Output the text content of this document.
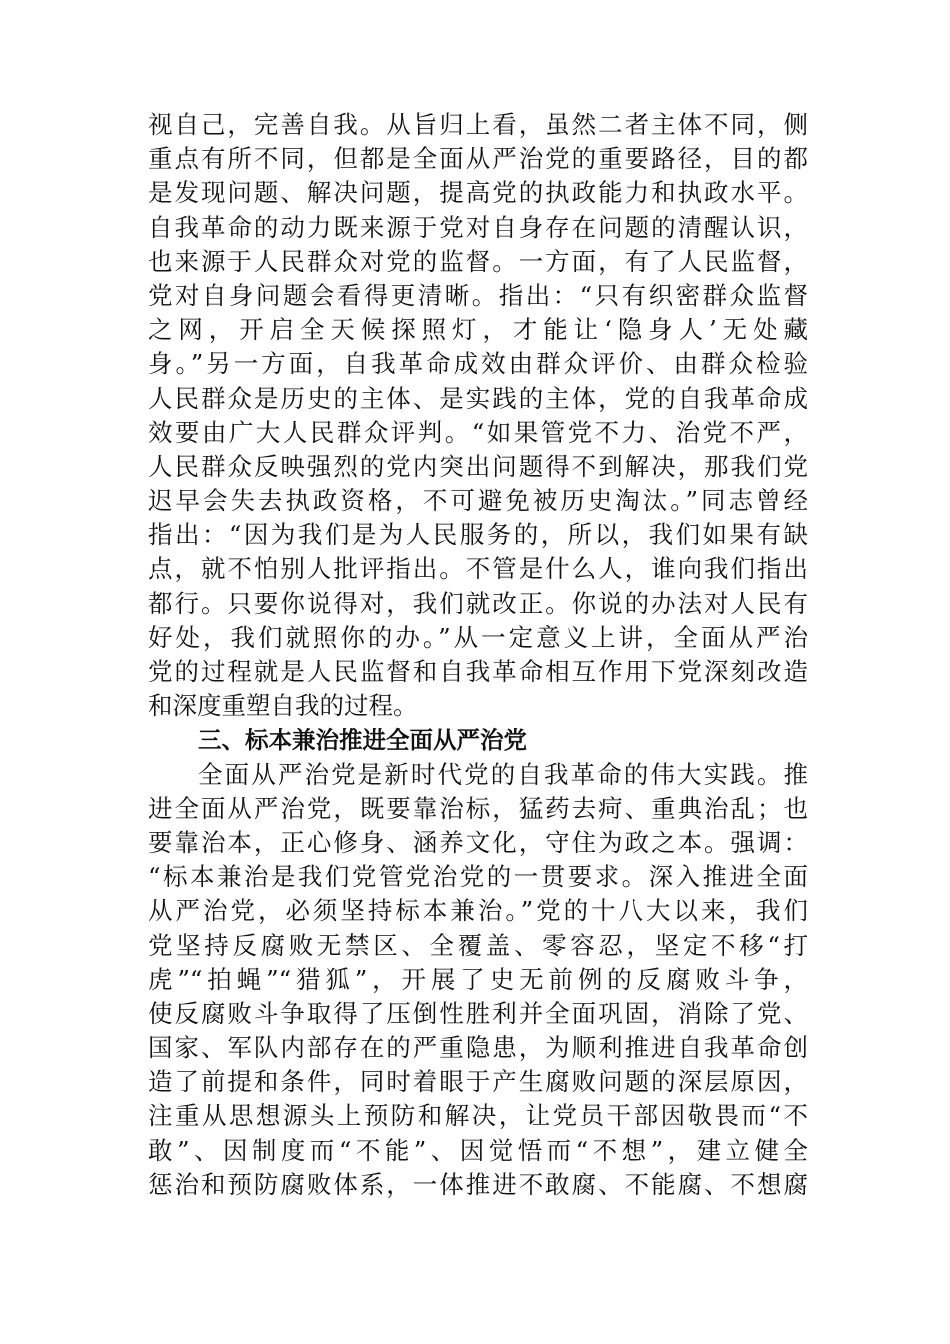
视自己，完善自我。从旨归上看，虽然二者主体不同，侧
重点有所不同，但都是全面从严治党的重要路径，目的都
是发现问题、解决问题，提高党的执政能力和执政水平。
自我革命的动力既来源于党对自身存在问题的清醒认识，
也来源于人民群众对党的监督。一方面，有了人民监督，
党对自身问题会看得更清晰。指出：“只有织密群众监督
之网，开启全天候探照灯，才能让‘隐身人’无处藏
身。”另一方面，自我革命成效由群众评价、由群众检验
人民群众是历史的主体、是实践的主体，党的自我革命成
效要由广大人民群众评判。“如果管党不力、治党不严，
人民群众反映强烈的党内突出问题得不到解决，那我们党
迟早会失去执政资格，不可避免被历史淘汰。”同志曾经
指出：“因为我们是为人民服务的，所以，我们如果有缺
点，就不怕别人批评指出。不管是什么人，谁向我们指出
都行。只要你说得对，我们就改正。你说的办法对人民有
好处，我们就照你的办。”从一定意义上讲，全面从严治
党的过程就是人民监督和自我革命相互作用下党深刻改造
和深度重塑自我的过程。
三、标本兼治推进全面从严治党
全面从严治党是新时代党的自我革命的伟大实践。推
进全面从严治党，既要靠治标，猛药去疴、重典治乱；也
要靠治本，正心修身、涵养文化，守住为政之本。强调：
“标本兼治是我们党管党治党的一贯要求。深入推进全面
从严治党，必须坚持标本兼治。”党的十八大以来，我们
党坚持反腐败无禁区、全覆盖、零容忍，坚定不移“打
虎”“拍蝇”“猎狐”，开展了史无前例的反腐败斗争，
使反腐败斗争取得了压倒性胜利并全面巩固，消除了党、
国家、军队内部存在的严重隐患，为顺利推进自我革命创
造了前提和条件，同时着眼于产生腐败问题的深层原因，
注重从思想源头上预防和解决，让党员干部因敬畏而“不
敢”、因制度而“不能”、因觉悟而“不想”，建立健全
惩治和预防腐败体系，一体推进不敢腐、不能腐、不想腐
